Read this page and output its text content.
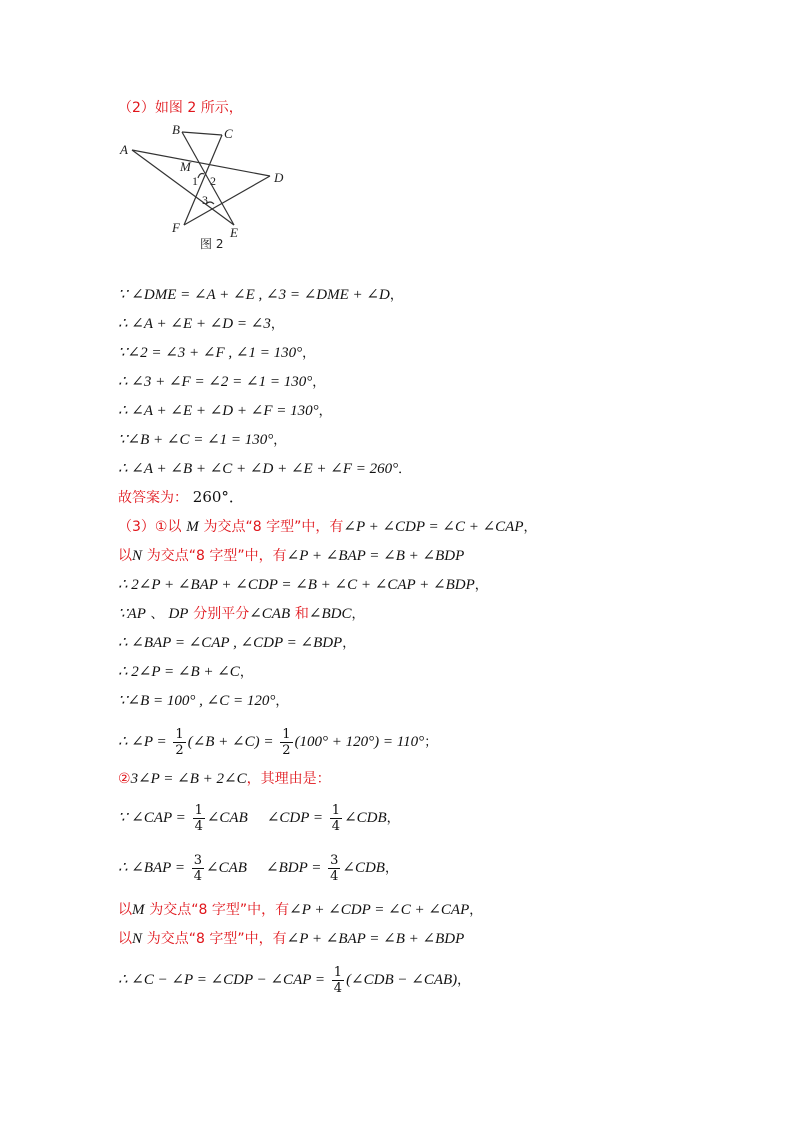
（2）如图 2 所示，
A
B	C
D
E
F
M
1 2
3
图 2
∵ ∠DME = ∠A + ∠E , ∠3 = ∠DME + ∠D，
∴ ∠A + ∠E + ∠D = ∠3，
∵∠2 = ∠3 + ∠F , ∠1 = 130°，
∴ ∠3 + ∠F = ∠2 = ∠1 = 130°，
∴ ∠A + ∠E + ∠D + ∠F = 130°，
∵∠B + ∠C = ∠1 = 130°，
∴ ∠A + ∠B + ∠C + ∠D + ∠E + ∠F = 260°．
故答案为： 260°．
（3）①以 M 为交点“8 字型”中，有∠P + ∠CDP = ∠C + ∠CAP，
以N 为交点“8 字型”中，有∠P + ∠BAP = ∠B + ∠BDP
∴ 2∠P + ∠BAP + ∠CDP = ∠B + ∠C + ∠CAP + ∠BDP，
∵AP 、 DP 分别平分∠CAB 和∠BDC，
∴ ∠BAP = ∠CAP , ∠CDP = ∠BDP，
∴ 2∠P = ∠B + ∠C，
∵∠B = 100° , ∠C = 120°，
∴ ∠P = $\frac{1}{2}$ (∠B + ∠C) = $\frac{1}{2} (100^\circ + 120^\circ) = 110^\circ$；
②3∠P = ∠B + 2∠C，其理由是：
∵ ∠CAP = $\frac{1}{4}$ ∠CAB ∠CDP = $\frac{1}{4}$ ∠CDB，
∴ ∠BAP = $\frac{3}{4}$ ∠CAB ∠BDP = $\frac{3}{4}$ ∠CDB，
以M 为交点“8 字型”中，有∠P + ∠CDP = ∠C + ∠CAP，
以N 为交点“8 字型”中，有∠P + ∠BAP = ∠B + ∠BDP
∴ ∠C − ∠P = ∠CDP − ∠CAP = $\frac{1}{4}$ (∠CDB − ∠CAB)，
